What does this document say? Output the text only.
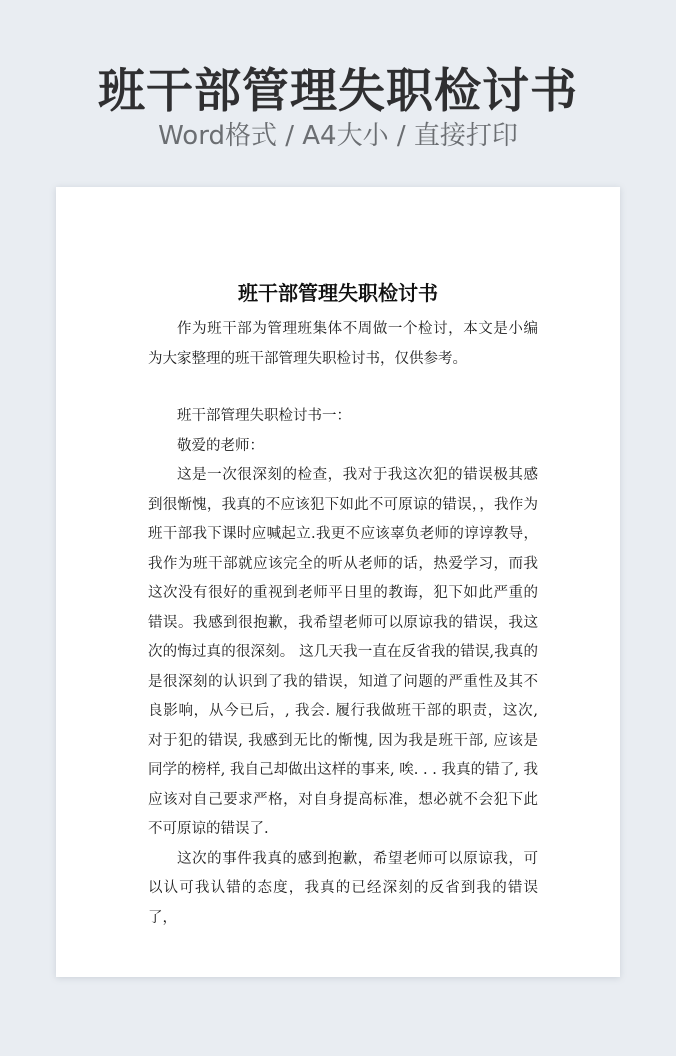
班干部管理失职检讨书
Word格式 / A4大小 / 直接打印
班干部管理失职检讨书

作为班干部为管理班集体不周做一个检讨，本文是小编为大家整理的班干部管理失职检讨书，仅供参考。

班干部管理失职检讨书一：

敬爱的老师：

这是一次很深刻的检查，我对于我这次犯的错误极其感到很惭愧，我真的不应该犯下如此不可原谅的错误，，我作为班干部我下课时应喊起立.我更不应该辜负老师的谆谆教导，我作为班干部就应该完全的听从老师的话，热爱学习，而我这次没有很好的重视到老师平日里的教诲，犯下如此严重的错误。我感到很抱歉，我希望老师可以原谅我的错误，我这次的悔过真的很深刻。 这几天我一直在反省我的错误,我真的是很深刻的认识到了我的错误，知道了问题的严重性及其不良影响，从今已后，, 我会. 履行我做班干部的职责，这次, 对于犯的错误, 我感到无比的惭愧, 因为我是班干部, 应该是同学的榜样, 我自己却做出这样的事来, 唉. . . 我真的错了, 我应该对自己要求严格，对自身提高标准，想必就不会犯下此不可原谅的错误了.

这次的事件我真的感到抱歉，希望老师可以原谅我，可以认可我认错的态度，我真的已经深刻的反省到我的错误了，
